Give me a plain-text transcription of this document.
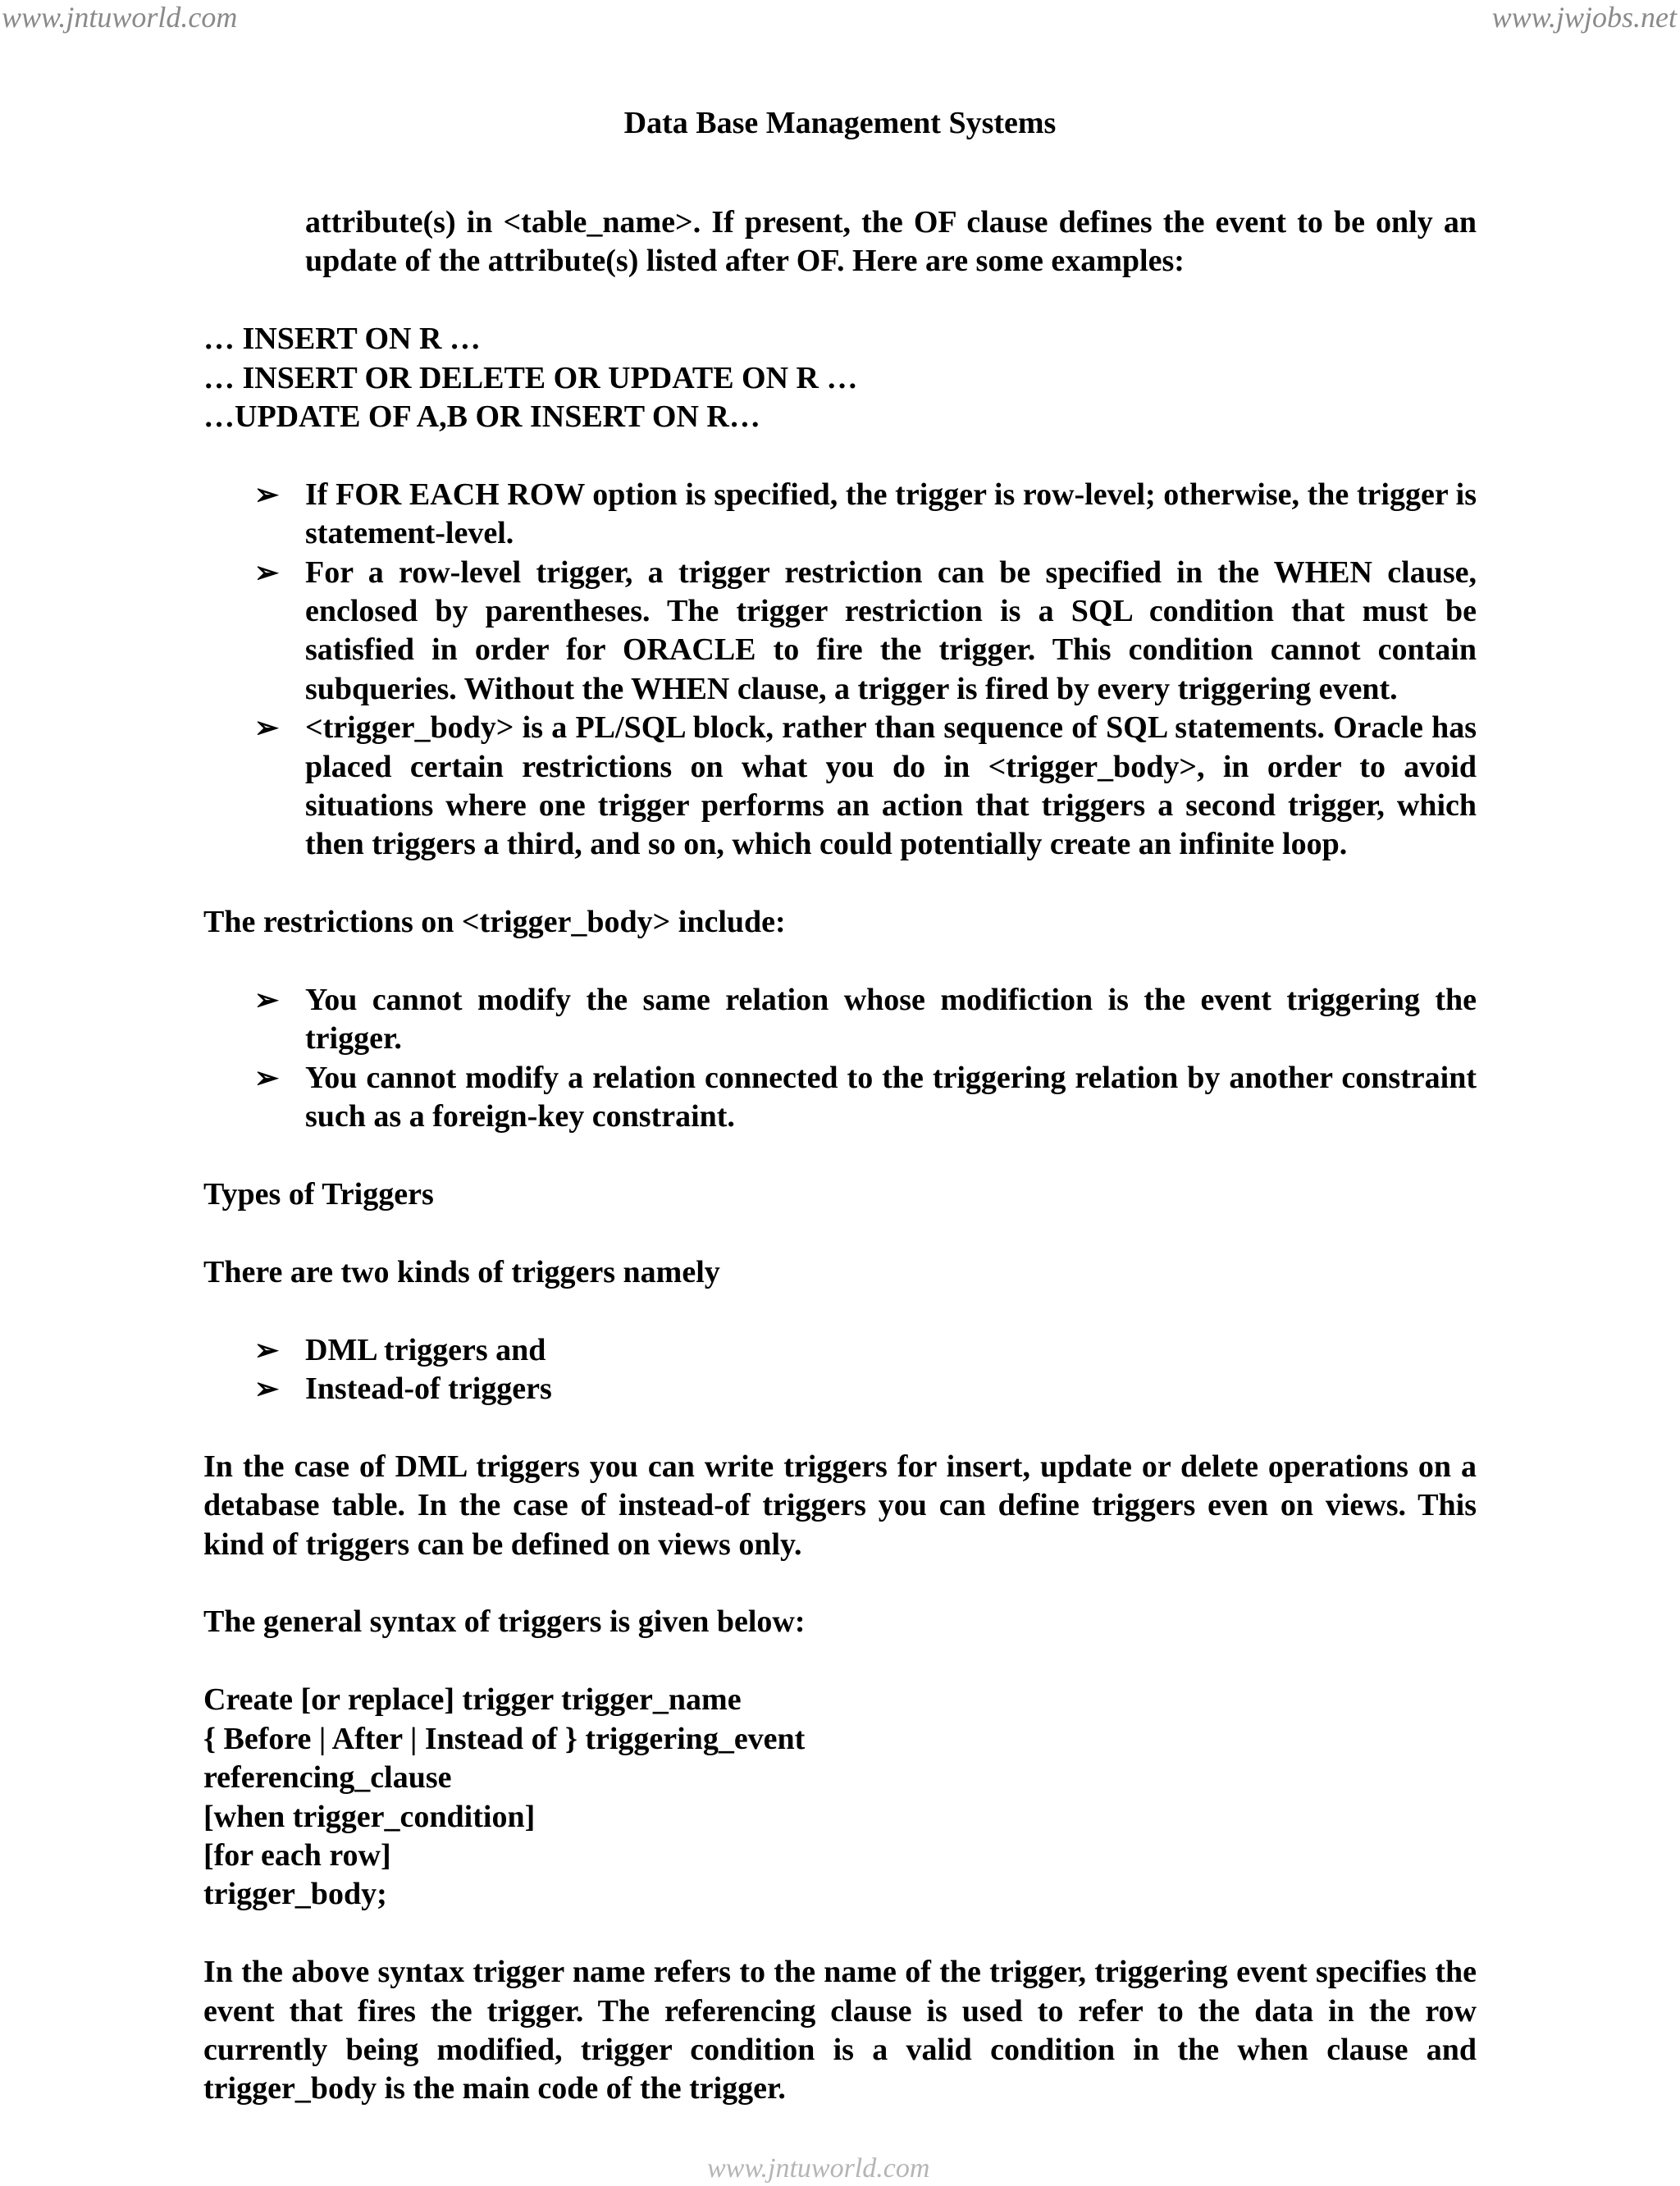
www.jntuworld.com	www.jwjobs.net
Data Base Management Systems

attribute(s) in <table_name>. If present, the OF clause defines the event to be only an update of the attribute(s) listed after OF. Here are some examples:

… INSERT ON R …

… INSERT OR DELETE OR UPDATE ON R …

…UPDATE OF A,B OR INSERT ON R…

➢ If FOR EACH ROW option is specified, the trigger is row-level; otherwise, the trigger is statement-level.
➢ For a row-level trigger, a trigger restriction can be specified in the WHEN clause, enclosed by parentheses. The trigger restriction is a SQL condition that must be satisfied in order for ORACLE to fire the trigger. This condition cannot contain subqueries. Without the WHEN clause, a trigger is fired by every triggering event.
➢ <trigger_body> is a PL/SQL block, rather than sequence of SQL statements. Oracle has placed certain restrictions on what you do in <trigger_body>, in order to avoid situations where one trigger performs an action that triggers a second trigger, which then triggers a third, and so on, which could potentially create an infinite loop.

The restrictions on <trigger_body> include:

➢ You cannot modify the same relation whose modifiction is the event triggering the trigger.
➢ You cannot modify a relation connected to the triggering relation by another constraint such as a foreign-key constraint.

Types of Triggers

There are two kinds of triggers namely

➢ DML triggers and
➢ Instead-of triggers

In the case of DML triggers you can write triggers for insert, update or delete operations on a detabase table. In the case of instead-of triggers you can define triggers even on views. This kind of triggers can be defined on views only.

The general syntax of triggers is given below:

Create [or replace] trigger trigger_name

{ Before | After | Instead of } triggering_event

referencing_clause

[when trigger_condition]

[for each row]

trigger_body;

In the above syntax trigger name refers to the name of the trigger, triggering event specifies the event that fires the trigger. The referencing clause is used to refer to the data in the row currently being modified, trigger condition is a valid condition in the when clause and trigger_body is the main code of the trigger.

www.jntuworld.com
